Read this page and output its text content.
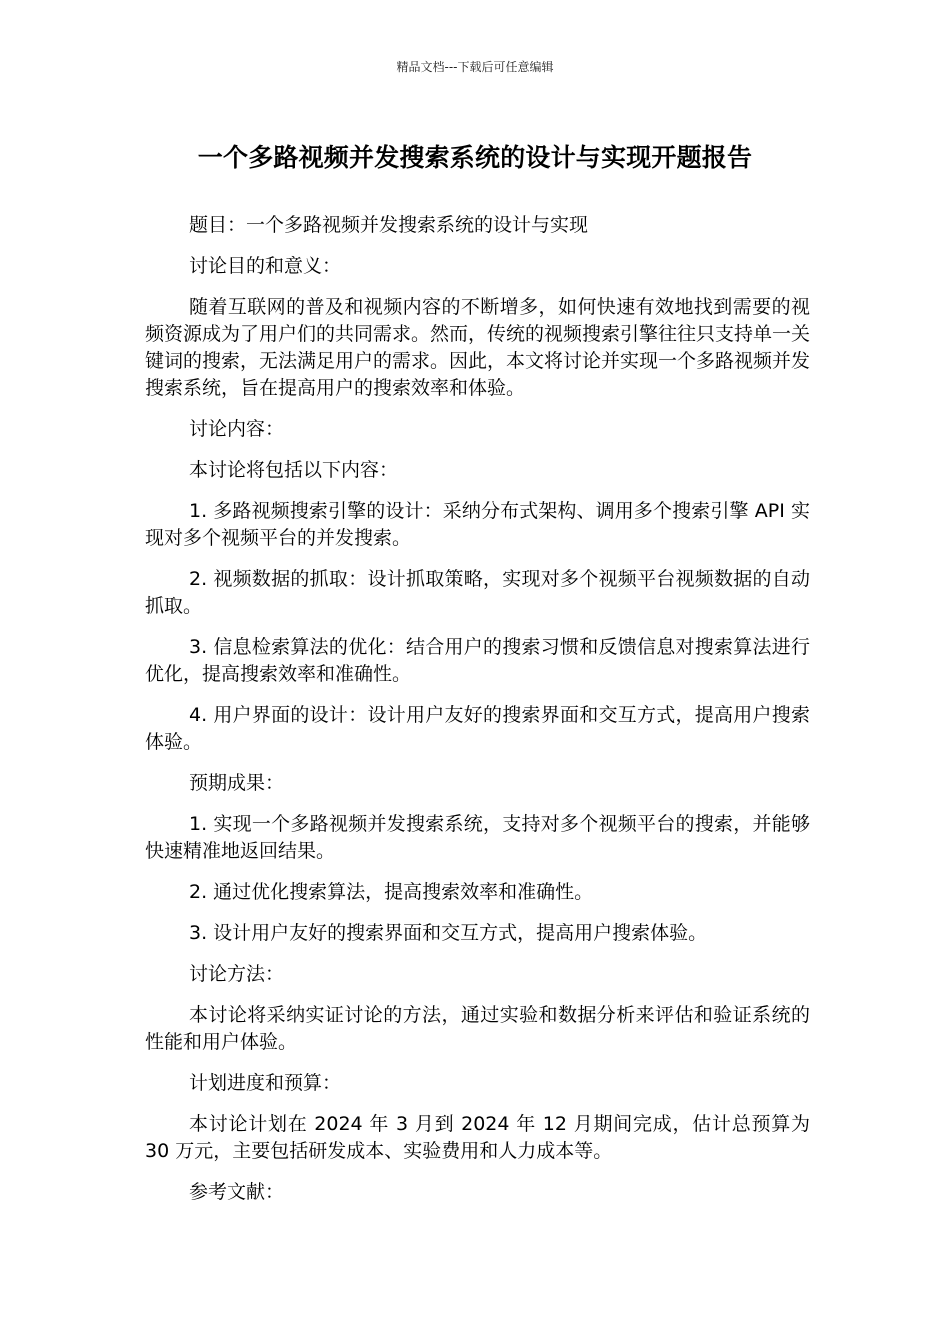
精品文档---下载后可任意编辑
一个多路视频并发搜索系统的设计与实现开题报告

题目：一个多路视频并发搜索系统的设计与实现

讨论目的和意义：

随着互联网的普及和视频内容的不断增多，如何快速有效地找到需要的视频资源成为了用户们的共同需求。然而，传统的视频搜索引擎往往只支持单一关键词的搜索，无法满足用户的需求。因此，本文将讨论并实现一个多路视频并发搜索系统，旨在提高用户的搜索效率和体验。

讨论内容：

本讨论将包括以下内容：

1. 多路视频搜索引擎的设计：采纳分布式架构、调用多个搜索引擎 API 实现对多个视频平台的并发搜索。

2. 视频数据的抓取：设计抓取策略，实现对多个视频平台视频数据的自动抓取。

3. 信息检索算法的优化：结合用户的搜索习惯和反馈信息对搜索算法进行优化，提高搜索效率和准确性。

4. 用户界面的设计：设计用户友好的搜索界面和交互方式，提高用户搜索体验。

预期成果：

1. 实现一个多路视频并发搜索系统，支持对多个视频平台的搜索，并能够快速精准地返回结果。

2. 通过优化搜索算法，提高搜索效率和准确性。

3. 设计用户友好的搜索界面和交互方式，提高用户搜索体验。

讨论方法：

本讨论将采纳实证讨论的方法，通过实验和数据分析来评估和验证系统的性能和用户体验。

计划进度和预算：

本讨论计划在 2024 年 3 月到 2024 年 12 月期间完成，估计总预算为 30 万元，主要包括研发成本、实验费用和人力成本等。

参考文献：
